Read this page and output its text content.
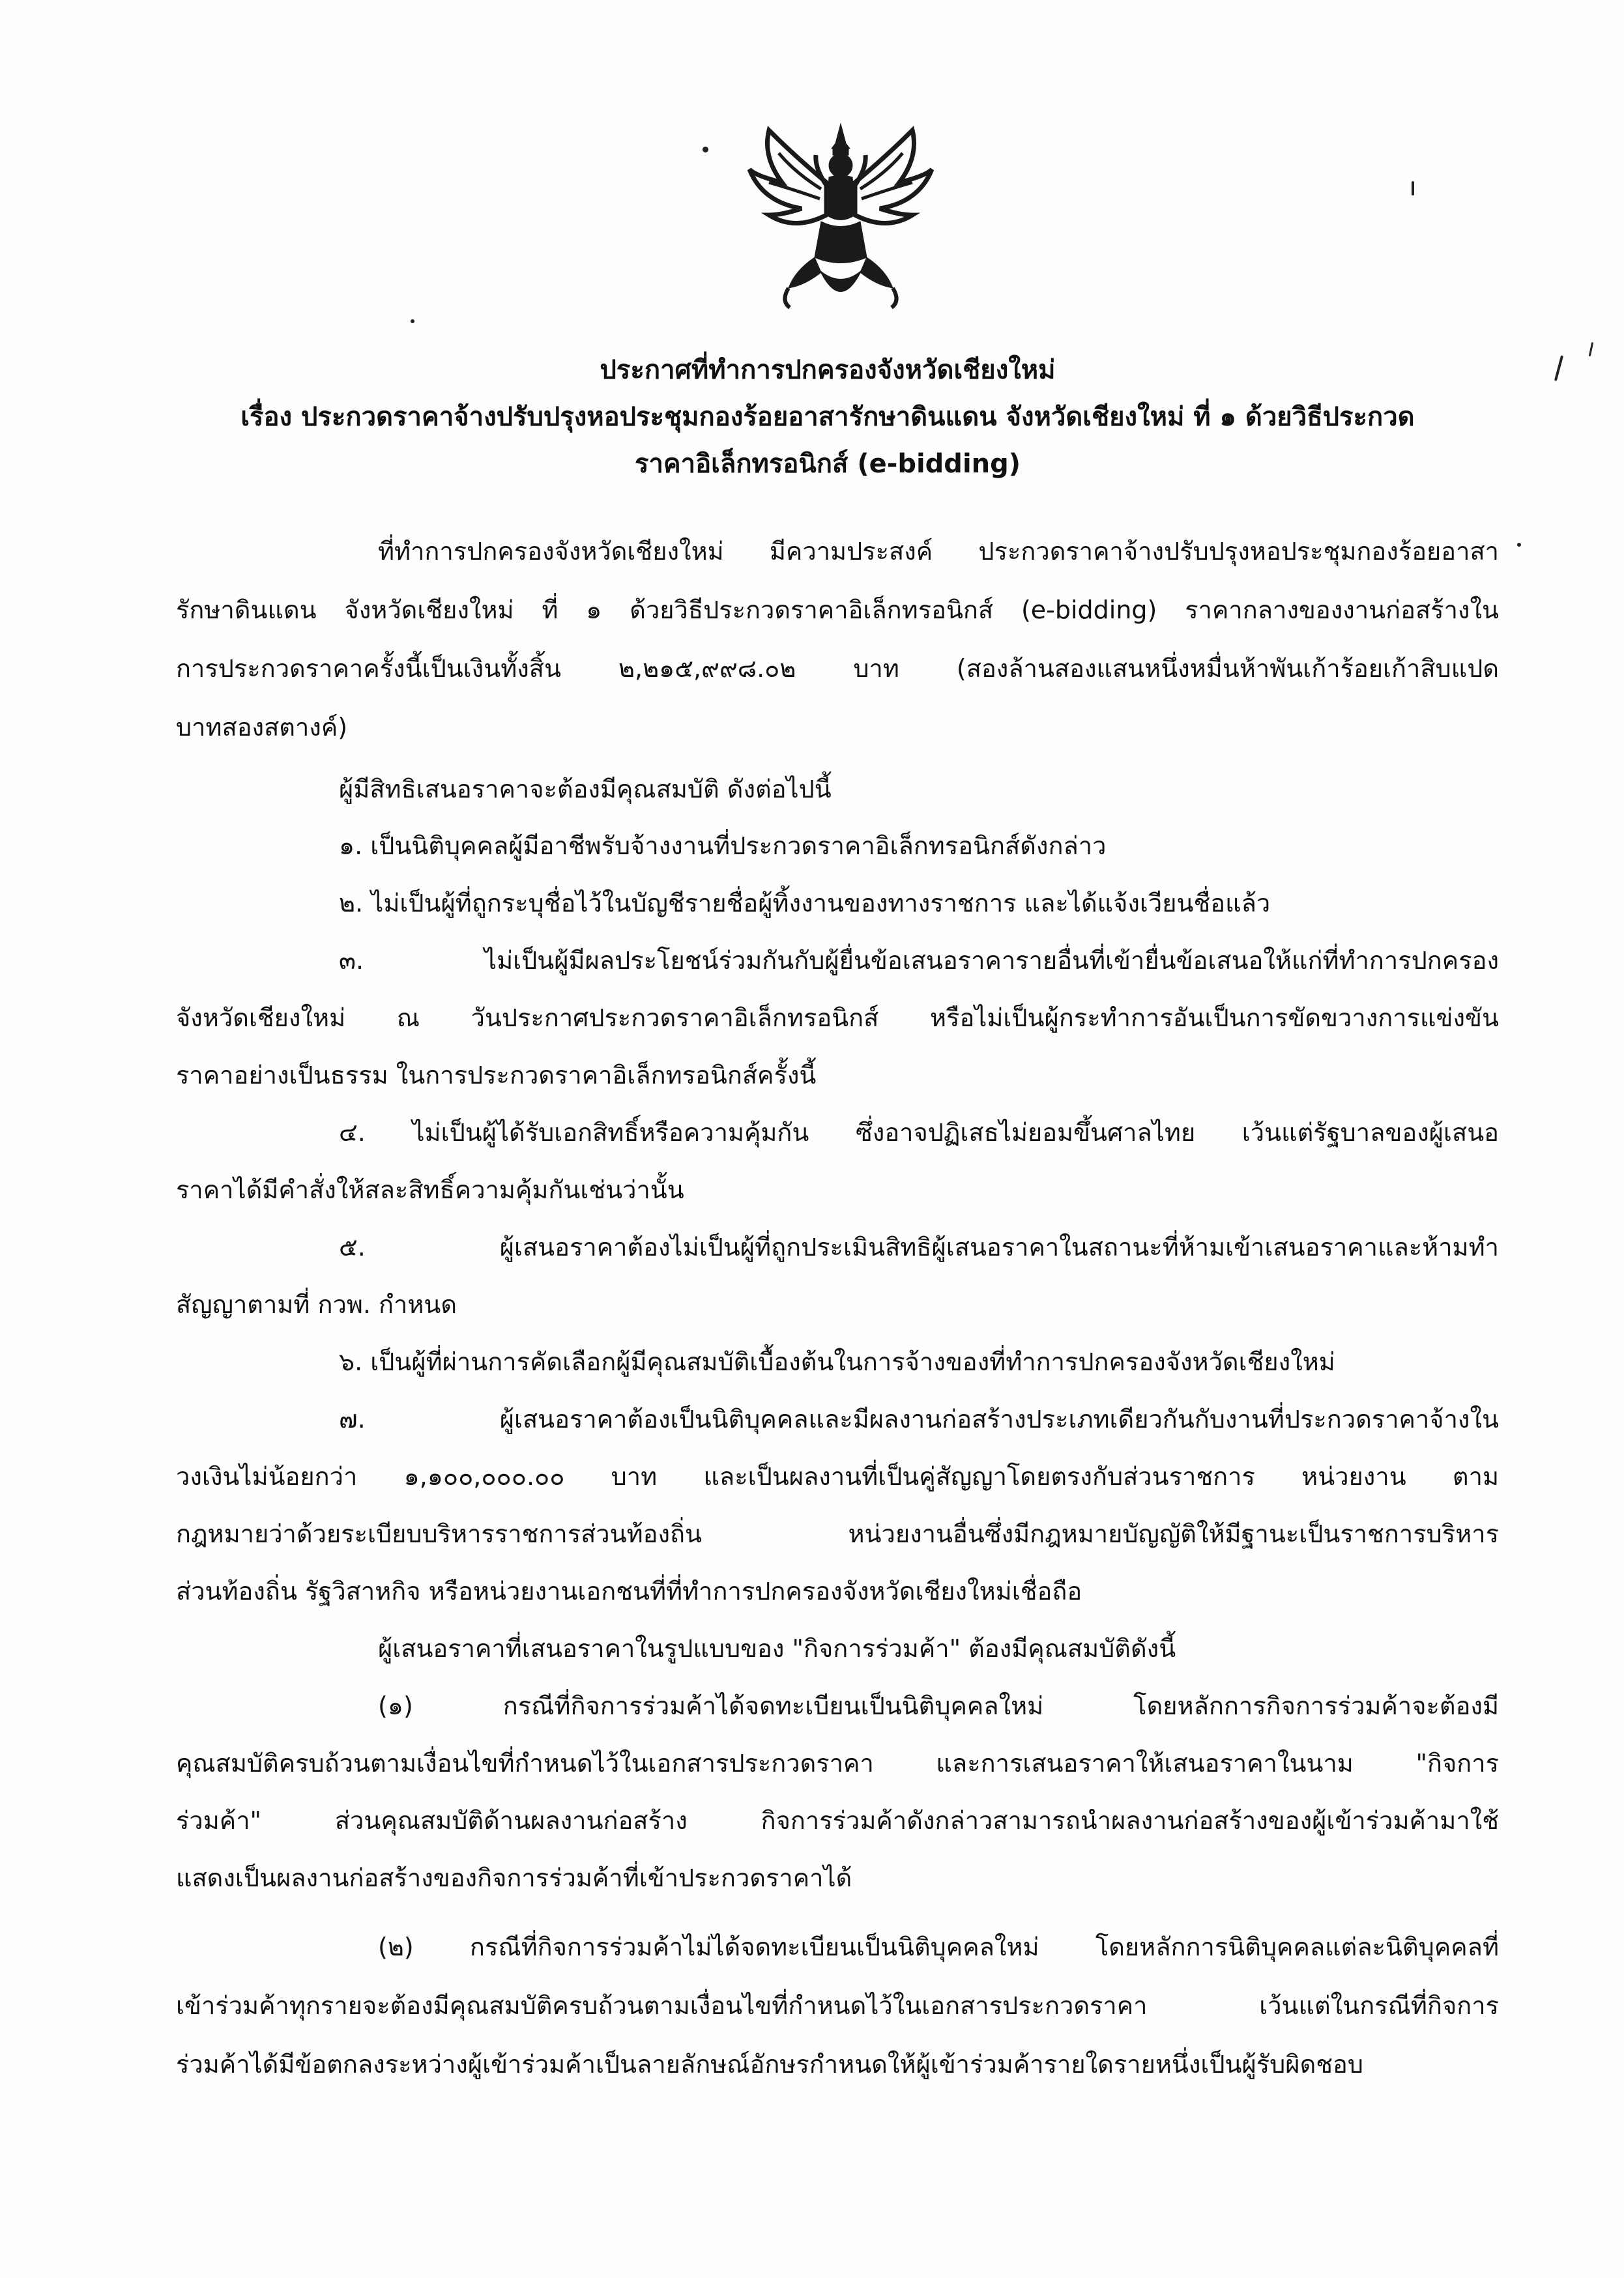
ประกาศที่ทำการปกครองจังหวัดเชียงใหม่
เรื่อง ประกวดราคาจ้างปรับปรุงหอประชุมกองร้อยอาสารักษาดินแดน จังหวัดเชียงใหม่ ที่ ๑ ด้วยวิธีประกวด
ราคาอิเล็กทรอนิกส์ (e-bidding)
ที่ทำการปกครองจังหวัดเชียงใหม่ มีความประสงค์ ประกวดราคาจ้างปรับปรุงหอประชุมกองร้อยอาสา
รักษาดินแดน จังหวัดเชียงใหม่ ที่ ๑ ด้วยวิธีประกวดราคาอิเล็กทรอนิกส์ (e-bidding) ราคากลางของงานก่อสร้างใน
การประกวดราคาครั้งนี้เป็นเงินทั้งสิ้น ๒,๒๑๕,๙๙๘.๐๒ บาท (สองล้านสองแสนหนึ่งหมื่นห้าพันเก้าร้อยเก้าสิบแปด
บาทสองสตางค์)
ผู้มีสิทธิเสนอราคาจะต้องมีคุณสมบัติ ดังต่อไปนี้
๑. เป็นนิติบุคคลผู้มีอาชีพรับจ้างงานที่ประกวดราคาอิเล็กทรอนิกส์ดังกล่าว
๒. ไม่เป็นผู้ที่ถูกระบุชื่อไว้ในบัญชีรายชื่อผู้ทิ้งงานของทางราชการ และได้แจ้งเวียนชื่อแล้ว
๓. ไม่เป็นผู้มีผลประโยชน์ร่วมกันกับผู้ยื่นข้อเสนอราคารายอื่นที่เข้ายื่นข้อเสนอให้แก่ที่ทำการปกครอง
จังหวัดเชียงใหม่ ณ วันประกาศประกวดราคาอิเล็กทรอนิกส์ หรือไม่เป็นผู้กระทำการอันเป็นการขัดขวางการแข่งขัน
ราคาอย่างเป็นธรรม ในการประกวดราคาอิเล็กทรอนิกส์ครั้งนี้
๔. ไม่เป็นผู้ได้รับเอกสิทธิ์หรือความคุ้มกัน ซึ่งอาจปฏิเสธไม่ยอมขึ้นศาลไทย เว้นแต่รัฐบาลของผู้เสนอ
ราคาได้มีคำสั่งให้สละสิทธิ์ความคุ้มกันเช่นว่านั้น
๕. ผู้เสนอราคาต้องไม่เป็นผู้ที่ถูกประเมินสิทธิผู้เสนอราคาในสถานะที่ห้ามเข้าเสนอราคาและห้ามทำ
สัญญาตามที่ กวพ. กำหนด
๖. เป็นผู้ที่ผ่านการคัดเลือกผู้มีคุณสมบัติเบื้องต้นในการจ้างของที่ทำการปกครองจังหวัดเชียงใหม่
๗. ผู้เสนอราคาต้องเป็นนิติบุคคลและมีผลงานก่อสร้างประเภทเดียวกันกับงานที่ประกวดราคาจ้างใน
วงเงินไม่น้อยกว่า ๑,๑๐๐,๐๐๐.๐๐ บาท และเป็นผลงานที่เป็นคู่สัญญาโดยตรงกับส่วนราชการ หน่วยงาน ตาม
กฎหมายว่าด้วยระเบียบบริหารราชการส่วนท้องถิ่น หน่วยงานอื่นซึ่งมีกฎหมายบัญญัติให้มีฐานะเป็นราชการบริหาร
ส่วนท้องถิ่น รัฐวิสาหกิจ หรือหน่วยงานเอกชนที่ที่ทำการปกครองจังหวัดเชียงใหม่เชื่อถือ
ผู้เสนอราคาที่เสนอราคาในรูปแบบของ "กิจการร่วมค้า" ต้องมีคุณสมบัติดังนี้
(๑) กรณีที่กิจการร่วมค้าได้จดทะเบียนเป็นนิติบุคคลใหม่ โดยหลักการกิจการร่วมค้าจะต้องมี
คุณสมบัติครบถ้วนตามเงื่อนไขที่กำหนดไว้ในเอกสารประกวดราคา และการเสนอราคาให้เสนอราคาในนาม "กิจการ
ร่วมค้า" ส่วนคุณสมบัติด้านผลงานก่อสร้าง กิจการร่วมค้าดังกล่าวสามารถนำผลงานก่อสร้างของผู้เข้าร่วมค้ามาใช้
แสดงเป็นผลงานก่อสร้างของกิจการร่วมค้าที่เข้าประกวดราคาได้
(๒) กรณีที่กิจการร่วมค้าไม่ได้จดทะเบียนเป็นนิติบุคคลใหม่ โดยหลักการนิติบุคคลแต่ละนิติบุคคลที่
เข้าร่วมค้าทุกรายจะต้องมีคุณสมบัติครบถ้วนตามเงื่อนไขที่กำหนดไว้ในเอกสารประกวดราคา เว้นแต่ในกรณีที่กิจการ
ร่วมค้าได้มีข้อตกลงระหว่างผู้เข้าร่วมค้าเป็นลายลักษณ์อักษรกำหนดให้ผู้เข้าร่วมค้ารายใดรายหนึ่งเป็นผู้รับผิดชอบ
